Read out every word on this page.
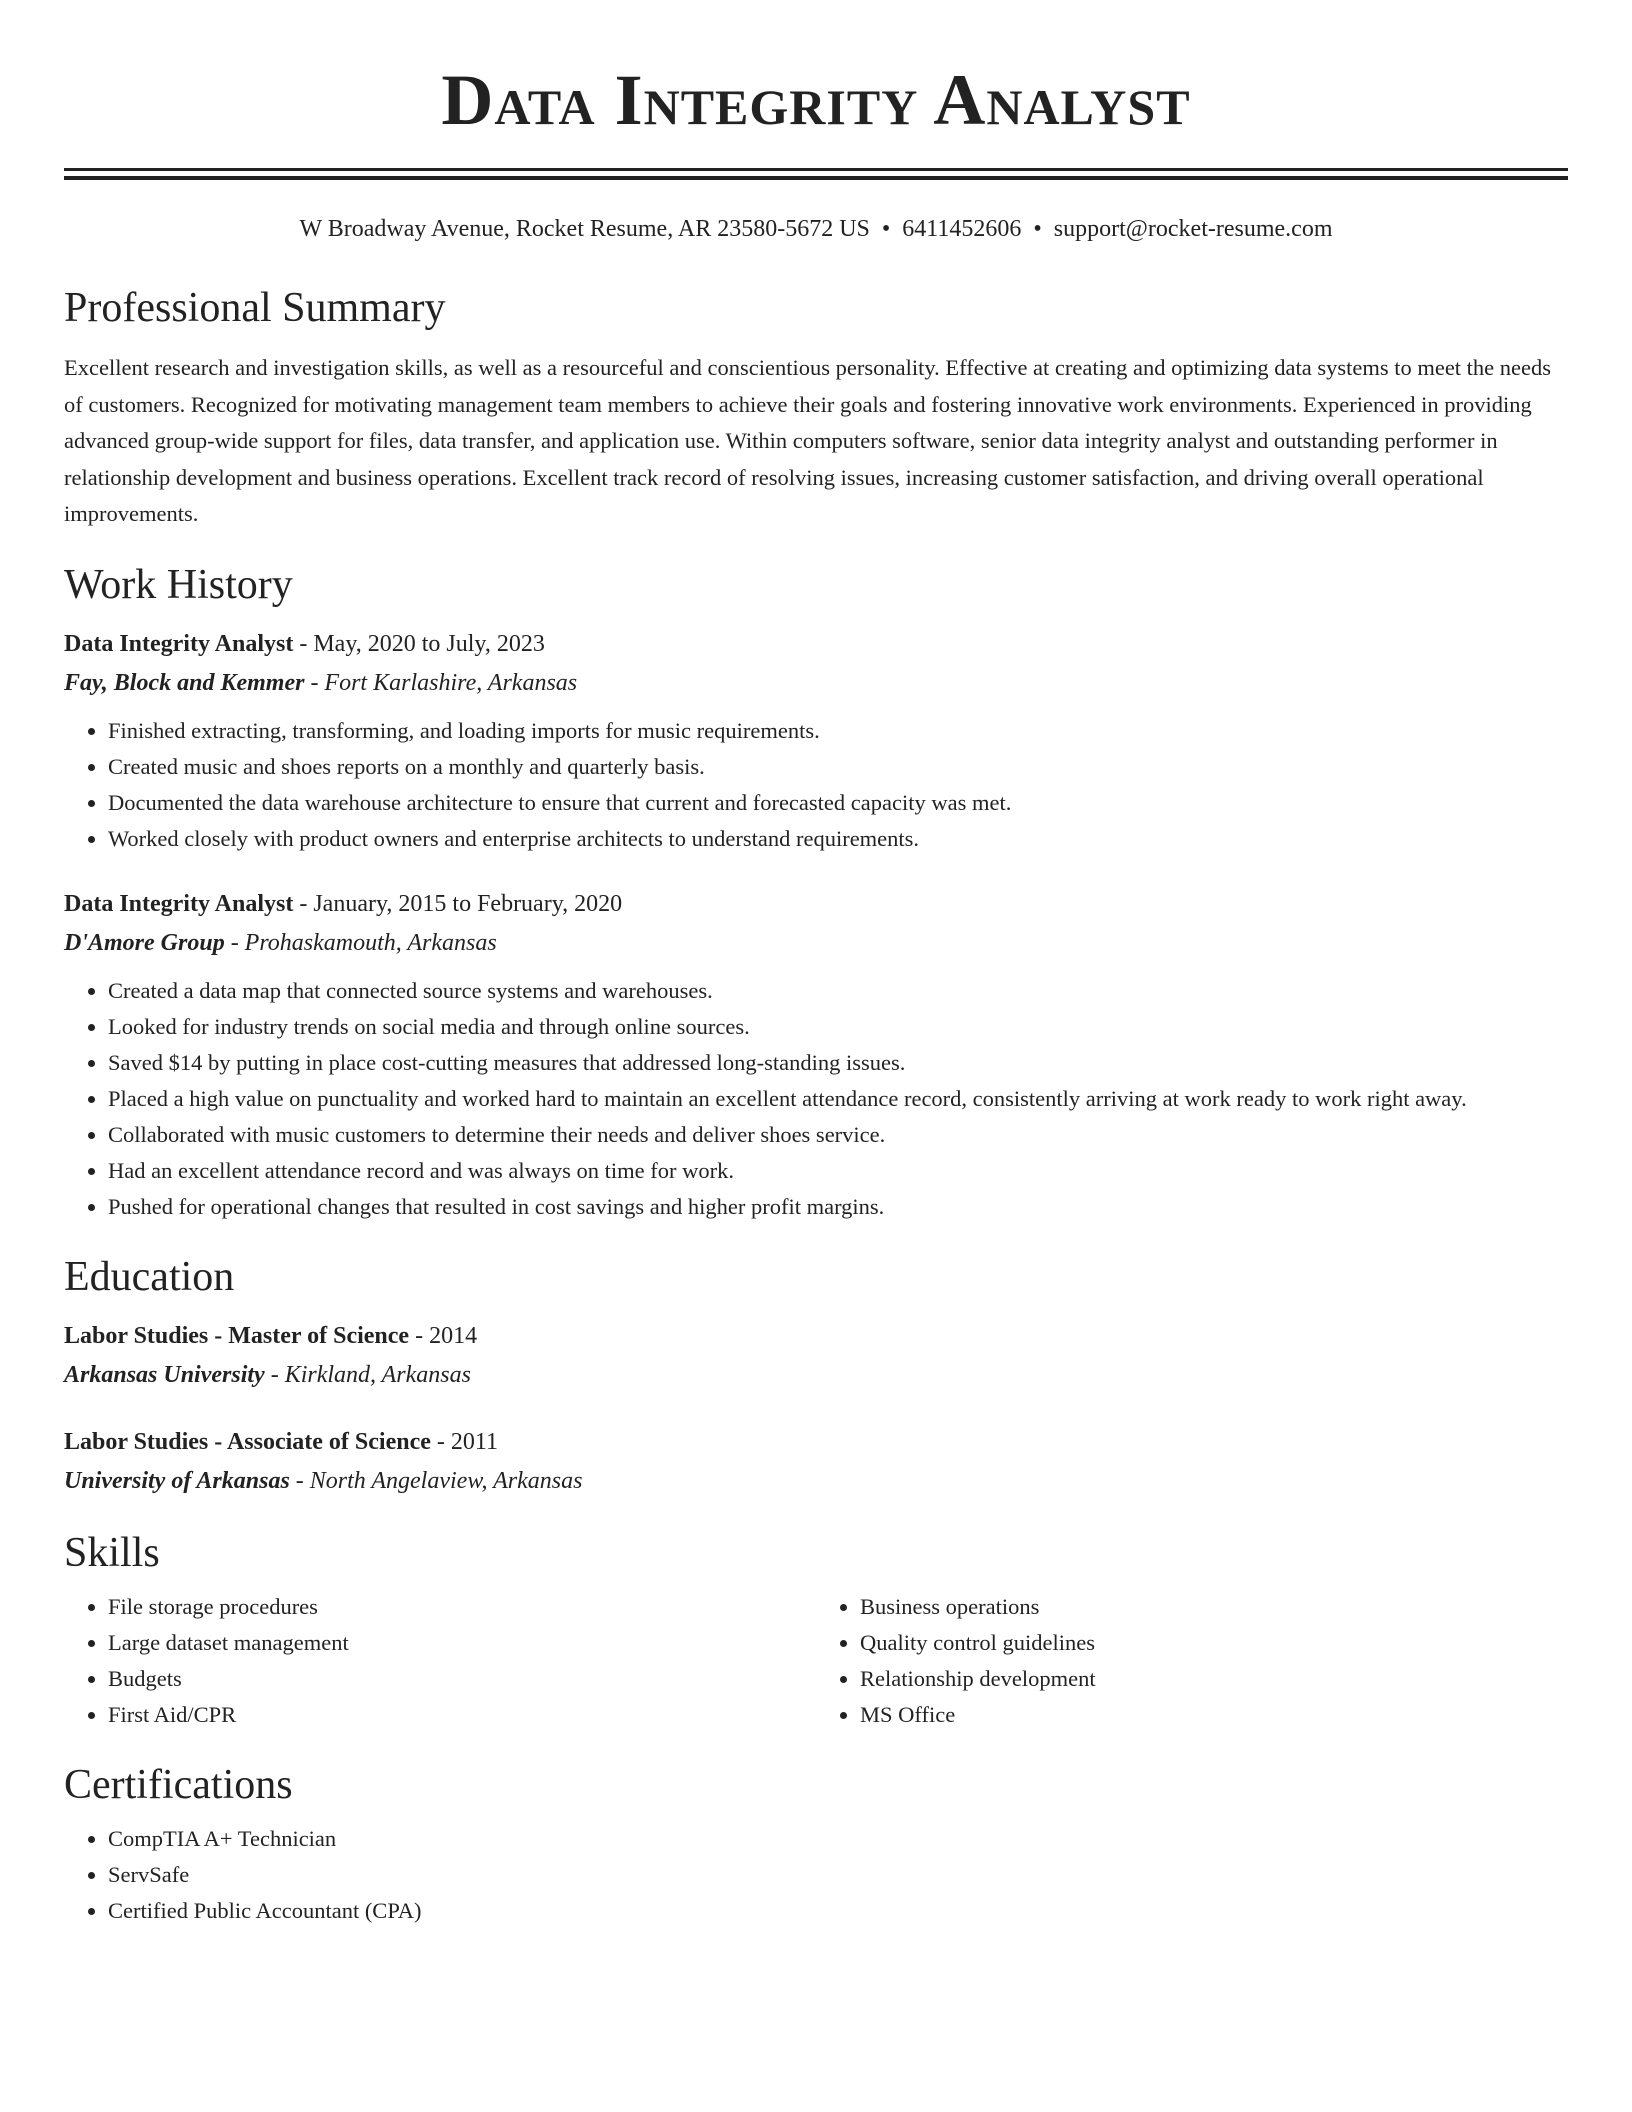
Data Integrity Analyst
W Broadway Avenue, Rocket Resume, AR 23580-5672 US • 6411452606 • support@rocket-resume.com
Professional Summary

Excellent research and investigation skills, as well as a resourceful and conscientious personality. Effective at creating and optimizing data systems to meet the needs of customers. Recognized for motivating management team members to achieve their goals and fostering innovative work environments. Experienced in providing advanced group-wide support for files, data transfer, and application use. Within computers software, senior data integrity analyst and outstanding performer in relationship development and business operations. Excellent track record of resolving issues, increasing customer satisfaction, and driving overall operational improvements.

Work History
Data Integrity Analyst - May, 2020 to July, 2023
Fay, Block and Kemmer - Fort Karlashire, Arkansas
• Finished extracting, transforming, and loading imports for music requirements.
• Created music and shoes reports on a monthly and quarterly basis.
• Documented the data warehouse architecture to ensure that current and forecasted capacity was met.
• Worked closely with product owners and enterprise architects to understand requirements.
Data Integrity Analyst - January, 2015 to February, 2020
D'Amore Group - Prohaskamouth, Arkansas
• Created a data map that connected source systems and warehouses.
• Looked for industry trends on social media and through online sources.
• Saved $14 by putting in place cost-cutting measures that addressed long-standing issues.
• Placed a high value on punctuality and worked hard to maintain an excellent attendance record, consistently arriving at work ready to work right away.
• Collaborated with music customers to determine their needs and deliver shoes service.
• Had an excellent attendance record and was always on time for work.
• Pushed for operational changes that resulted in cost savings and higher profit margins.
Education
Labor Studies - Master of Science - 2014
Arkansas University - Kirkland, Arkansas
Labor Studies - Associate of Science - 2011
University of Arkansas - North Angelaview, Arkansas
Skills
• File storage procedures
• Large dataset management
• Budgets
• First Aid/CPR
• Business operations
• Quality control guidelines
• Relationship development
• MS Office
Certifications
• CompTIA A+ Technician
• ServSafe
• Certified Public Accountant (CPA)
